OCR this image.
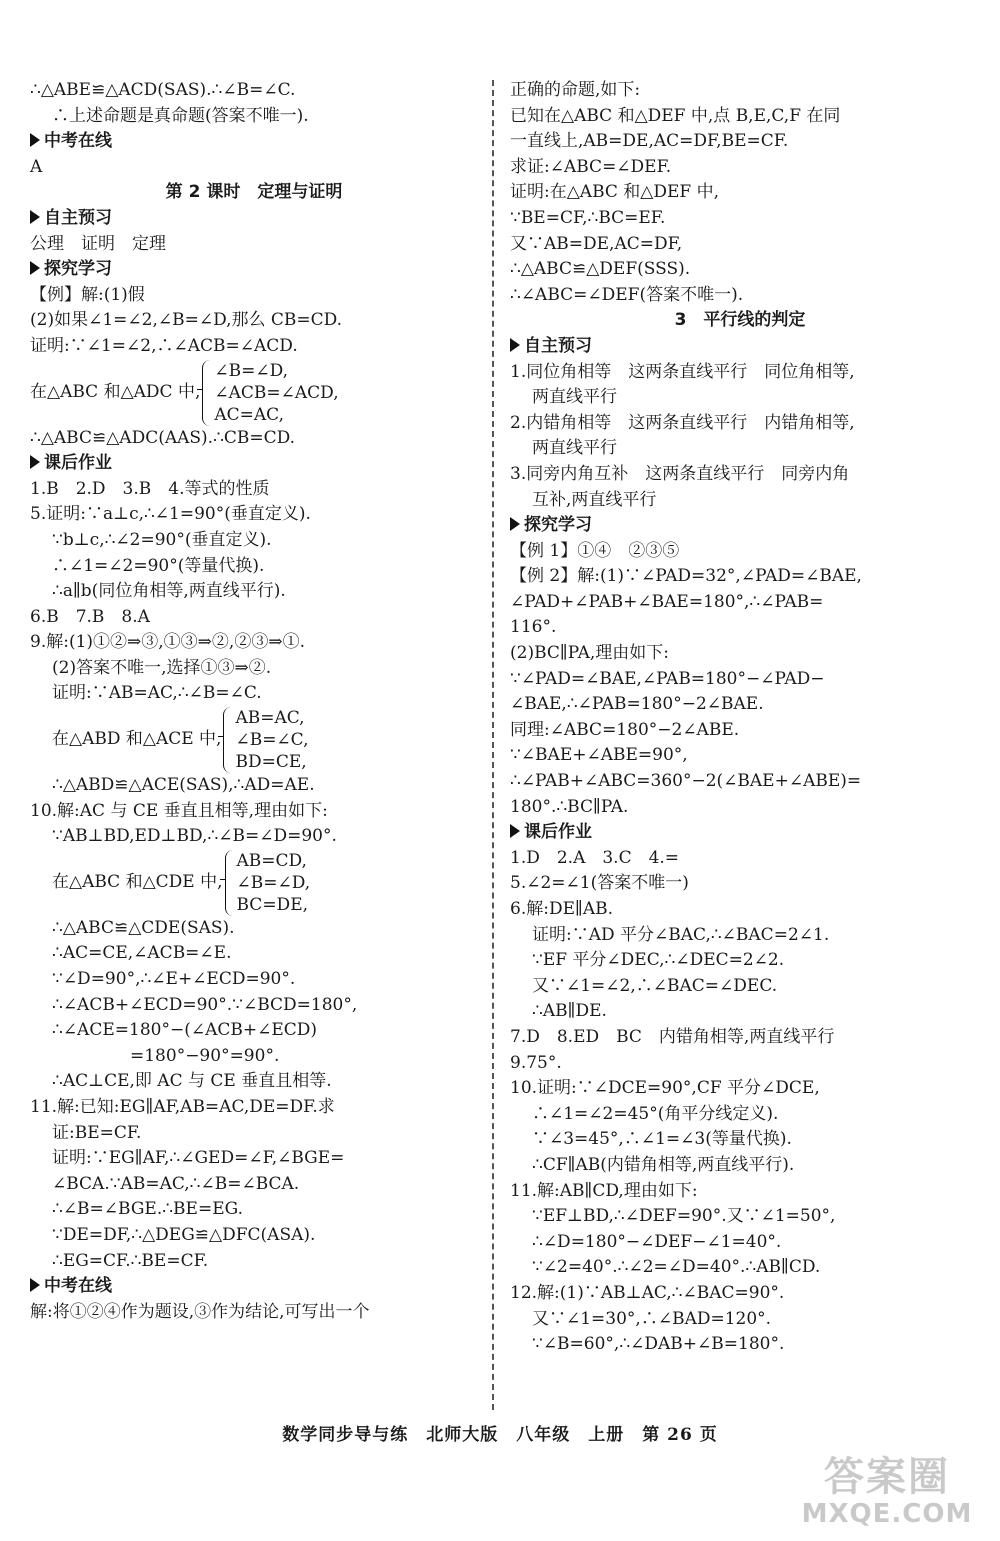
∴△ABE≌△ACD(SAS).∴∠B=∠C.
∴上述命题是真命题(答案不唯一).
中考在线
A
第 2 课时　定理与证明
自主预习
公理　证明　定理
探究学习
【例】解:(1)假
(2)如果∠1=∠2,∠B=∠D,那么 CB=CD.
证明:∵∠1=∠2,∴∠ACB=∠ACD.
在△ABC 和△ADC 中,
∠B=∠D,
∠ACB=∠ACD,
AC=AC,
∴△ABC≌△ADC(AAS).∴CB=CD.
课后作业
1.B　2.D　3.B　4.等式的性质
5.证明:∵a⊥c,∴∠1=90°(垂直定义).
∵b⊥c,∴∠2=90°(垂直定义).
∴∠1=∠2=90°(等量代换).
∴a∥b(同位角相等,两直线平行).
6.B　7.B　8.A
9.解:(1)①②⇒③,①③⇒②,②③⇒①.
(2)答案不唯一,选择①③⇒②.
证明:∵AB=AC,∴∠B=∠C.
在△ABD 和△ACE 中,
AB=AC,
∠B=∠C,
BD=CE,
∴△ABD≌△ACE(SAS),∴AD=AE.
10.解:AC 与 CE 垂直且相等,理由如下:
∵AB⊥BD,ED⊥BD,∴∠B=∠D=90°.
在△ABC 和△CDE 中,
AB=CD,
∠B=∠D,
BC=DE,
∴△ABC≌△CDE(SAS).
∴AC=CE,∠ACB=∠E.
∵∠D=90°,∴∠E+∠ECD=90°.
∴∠ACB+∠ECD=90°.∵∠BCD=180°,
∴∠ACE=180°−(∠ACB+∠ECD)
=180°−90°=90°.
∴AC⊥CE,即 AC 与 CE 垂直且相等.
11.解:已知:EG∥AF,AB=AC,DE=DF.求
证:BE=CF.
证明:∵EG∥AF,∴∠GED=∠F,∠BGE=
∠BCA.∵AB=AC,∴∠B=∠BCA.
∴∠B=∠BGE.∴BE=EG.
∵DE=DF,∴△DEG≌△DFC(ASA).
∴EG=CF.∴BE=CF.
中考在线
解:将①②④作为题设,③作为结论,可写出一个
正确的命题,如下:
已知在△ABC 和△DEF 中,点 B,E,C,F 在同
一直线上,AB=DE,AC=DF,BE=CF.
求证:∠ABC=∠DEF.
证明:在△ABC 和△DEF 中,
∵BE=CF,∴BC=EF.
又∵AB=DE,AC=DF,
∴△ABC≌△DEF(SSS).
∴∠ABC=∠DEF(答案不唯一).
3　平行线的判定
自主预习
1.同位角相等　这两条直线平行　同位角相等,
两直线平行
2.内错角相等　这两条直线平行　内错角相等,
两直线平行
3.同旁内角互补　这两条直线平行　同旁内角
互补,两直线平行
探究学习
【例 1】①④　②③⑤
【例 2】解:(1)∵∠PAD=32°,∠PAD=∠BAE,
∠PAD+∠PAB+∠BAE=180°,∴∠PAB=
116°.
(2)BC∥PA,理由如下:
∵∠PAD=∠BAE,∠PAB=180°−∠PAD−
∠BAE,∴∠PAB=180°−2∠BAE.
同理:∠ABC=180°−2∠ABE.
∵∠BAE+∠ABE=90°,
∴∠PAB+∠ABC=360°−2(∠BAE+∠ABE)=
180°.∴BC∥PA.
课后作业
1.D　2.A　3.C　4.=
5.∠2=∠1(答案不唯一)
6.解:DE∥AB.
证明:∵AD 平分∠BAC,∴∠BAC=2∠1.
∵EF 平分∠DEC,∴∠DEC=2∠2.
又∵∠1=∠2,∴∠BAC=∠DEC.
∴AB∥DE.
7.D　8.ED　BC　内错角相等,两直线平行
9.75°.
10.证明:∵∠DCE=90°,CF 平分∠DCE,
∴∠1=∠2=45°(角平分线定义).
∵∠3=45°,∴∠1=∠3(等量代换).
∴CF∥AB(内错角相等,两直线平行).
11.解:AB∥CD,理由如下:
∵EF⊥BD,∴∠DEF=90°.又∵∠1=50°,
∴∠D=180°−∠DEF−∠1=40°.
∵∠2=40°.∴∠2=∠D=40°.∴AB∥CD.
12.解:(1)∵AB⊥AC,∴∠BAC=90°.
又∵∠1=30°,∴∠BAD=120°.
∵∠B=60°,∴∠DAB+∠B=180°.
数学同步导与练　北师大版　八年级　上册　第 26 页
答案圈
MXQE.COM
